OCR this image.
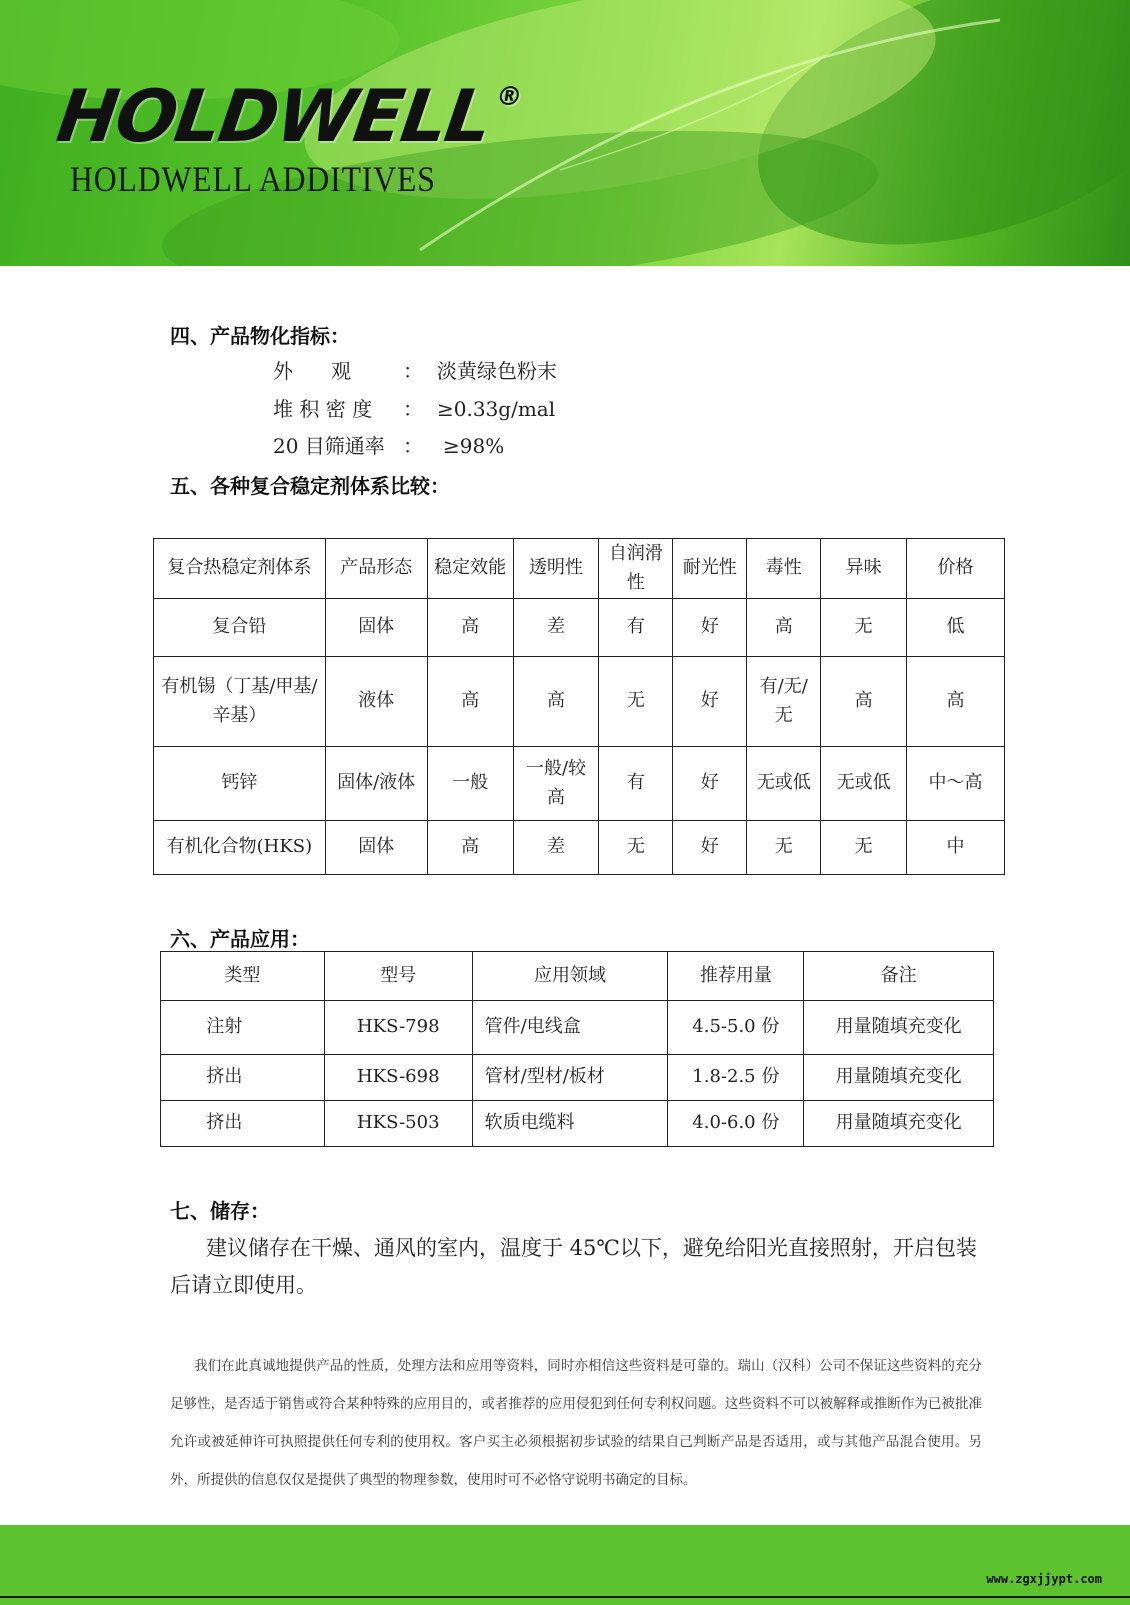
HOLDWELL®
HOLDWELL ADDITIVES
四、产品物化指标：
外      观	： 淡黄绿色粉末
堆 积 密 度 ： ≥0.33g/mal
20 目筛通率 ： ≥98%
五、各种复合稳定剂体系比较：
复合热稳定剂体系	产品形态	稳定效能	透明性	自润滑性	耐光性	毒性	异味	价格
复合铅	固体	高	差	有	好	高	无	低
有机锡（丁基/甲基/辛基）	液体	高	高	无	好	有/无/无	高	高
钙锌	固体/液体	一般	一般/较高	有	好	无或低	无或低	中～高
有机化合物(HKS)	固体	高	差	无	好	无	无	中
六、产品应用：
类型	型号	应用领域	推荐用量	备注
注射	HKS-798	管件/电线盒	4.5-5.0 份	用量随填充变化
挤出	HKS-698	管材/型材/板材	1.8-2.5 份	用量随填充变化
挤出	HKS-503	软质电缆料	4.0-6.0 份	用量随填充变化
七、储存：
建议储存在干燥、通风的室内，温度于 45℃以下，避免给阳光直接照射，开启包装后请立即使用。
我们在此真诚地提供产品的性质，处理方法和应用等资料，同时亦相信这些资料是可靠的。瑞山（汉科）公司不保证这些资料的充分足够性，是否适于销售或符合某种特殊的应用目的，或者推荐的应用侵犯到任何专利权问题。这些资料不可以被解释或推断作为已被批准允许或被延伸许可执照提供任何专利的使用权。客户买主必须根据初步试验的结果自己判断产品是否适用，或与其他产品混合使用。另外，所提供的信息仅仅是提供了典型的物理参数，使用时可不必恪守说明书确定的目标。
www.zgxjjypt.com
